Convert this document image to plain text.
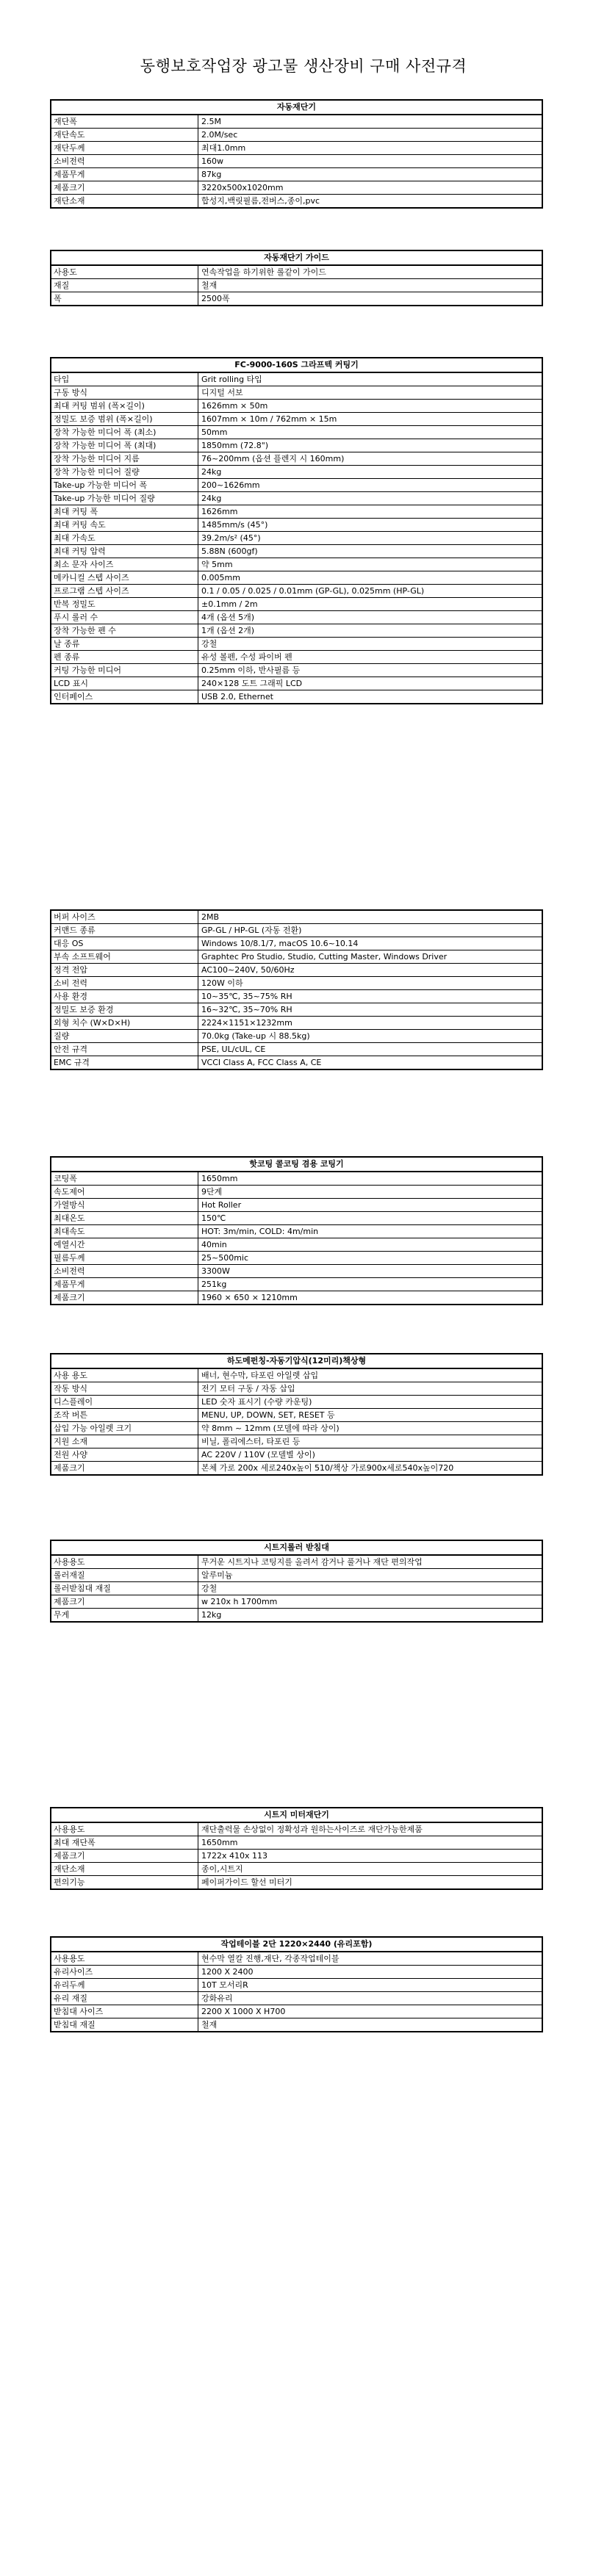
동행보호작업장 광고물 생산장비 구매 사전규격
자동재단기
재단폭	2.5M
재단속도	2.0M/sec
재단두께	최대1.0mm
소비전력	160w
제품무게	87kg
제품크기	3220x500x1020mm
재단소재	합성지,백릿필름,전버스,종이,pvc
자동재단기 가이드
사용도	연속작업을 하기위한 롤같이 가이드
재질	철재
폭	2500폭
FC-9000-160S 그라프텍 커팅기
타입	Grit rolling 타입
구동 방식	디지털 서보
최대 커팅 범위 (폭×길이)	1626mm × 50m
정밀도 보증 범위 (폭×길이)	1607mm × 10m / 762mm × 15m
장착 가능한 미디어 폭 (최소)	50mm
장착 가능한 미디어 폭 (최대)	1850mm (72.8")
장착 가능한 미디어 지름	76~200mm (옵션 플렌지 시 160mm)
장착 가능한 미디어 질량	24kg
Take-up 가능한 미디어 폭	200~1626mm
Take-up 가능한 미디어 질량	24kg
최대 커팅 폭	1626mm
최대 커팅 속도	1485mm/s (45°)
최대 가속도	39.2m/s² (45°)
최대 커팅 압력	5.88N (600gf)
최소 문자 사이즈	약 5mm
메카니컬 스텝 사이즈	0.005mm
프로그램 스텝 사이즈	0.1 / 0.05 / 0.025 / 0.01mm (GP-GL), 0.025mm (HP-GL)
반복 정밀도	±0.1mm / 2m
푸시 롤러 수	4개 (옵션 5개)
장착 가능한 펜 수	1개 (옵션 2개)
날 종류	강철
펜 종류	유성 볼펜, 수성 파이버 펜
커팅 가능한 미디어	0.25mm 이하, 반사필름 등
LCD 표시	240×128 도트 그래픽 LCD
인터페이스	USB 2.0, Ethernet
버퍼 사이즈	2MB
커맨드 종류	GP-GL / HP-GL (자동 전환)
대응 OS	Windows 10/8.1/7, macOS 10.6~10.14
부속 소프트웨어	Graphtec Pro Studio, Studio, Cutting Master, Windows Driver
정격 전압	AC100~240V, 50/60Hz
소비 전력	120W 이하
사용 환경	10~35℃, 35~75% RH
정밀도 보증 환경	16~32℃, 35~70% RH
외형 치수 (W×D×H)	2224×1151×1232mm
질량	70.0kg (Take-up 시 88.5kg)
안전 규격	PSE, UL/cUL, CE
EMC 규격	VCCI Class A, FCC Class A, CE
핫코팅 콜코팅 겸용 코팅기
코팅폭	1650mm
속도제어	9단계
가열방식	Hot Roller
최대온도	150℃
최대속도	HOT: 3m/min, COLD: 4m/min
예열시간	40min
필름두께	25~500mic
소비전력	3300W
제품무게	251kg
제품크기	1960 × 650 × 1210mm
하도메펀칭-자동기압식(12미리)책상형
사용 용도	배너, 현수막, 타포린 아일렛 삽입
작동 방식	전기 모터 구동 / 자동 삽입
디스플레이	LED 숫자 표시기 (수량 카운팅)
조작 버튼	MENU, UP, DOWN, SET, RESET 등
삽입 가능 아일렛 크기	약 8mm ~ 12mm (모델에 따라 상이)
지원 소재	비닐, 폴리에스터, 타포린 등
전원 사양	AC 220V / 110V (모델별 상이)
제품크기	본체 가로 200x 세로240x높이 510/책상 가로900x세로540x높이720
시트지롤러 받침대
사용용도	무거운 시트지나 코팅지를 올려서 감거나 풀거나 재단 편의작업
롤러재질	알루미늄
롤러받침대 재질	강철
제품크기	w 210x h 1700mm
무게	12kg
시트지 미터재단기
사용용도	재단출력물 손상없이 정확성과 원하는사이즈로 재단가능한제품
최대 재단폭	1650mm
제품크기	1722x 410x 113
재단소재	종이,시트지
편의기능	페이퍼가이드 할선 미터기
작업테이블 2단 1220×2440 (유리포함)
사용용도	현수막 열칼 진행,재단, 각종작업테이블
유리사이즈	1200 X 2400
유리두께	10T 모서리R
유리 재질	강화유리
받침대 사이즈	2200 X 1000 X H700
받침대 재질	철재
